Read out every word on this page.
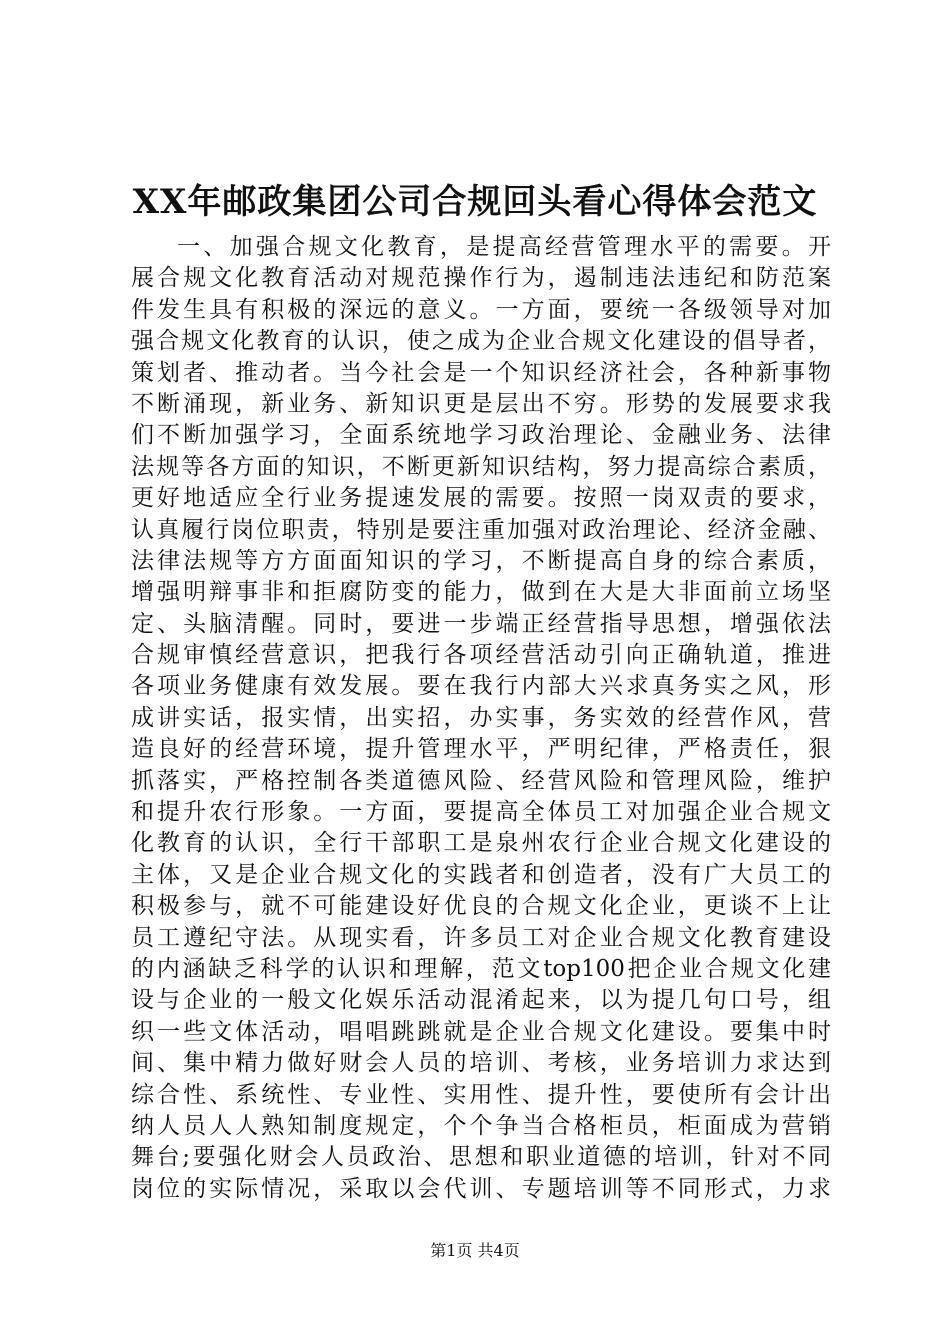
XX年邮政集团公司合规回头看心得体会范文
一、加强合规文化教育，是提高经营管理水平的需要。开
展合规文化教育活动对规范操作行为，遏制违法违纪和防范案
件发生具有积极的深远的意义。一方面，要统一各级领导对加
强合规文化教育的认识，使之成为企业合规文化建设的倡导者，
策划者、推动者。当今社会是一个知识经济社会，各种新事物
不断涌现，新业务、新知识更是层出不穷。形势的发展要求我
们不断加强学习，全面系统地学习政治理论、金融业务、法律
法规等各方面的知识，不断更新知识结构，努力提高综合素质，
更好地适应全行业务提速发展的需要。按照一岗双责的要求，
认真履行岗位职责，特别是要注重加强对政治理论、经济金融、
法律法规等方方面面知识的学习，不断提高自身的综合素质，
增强明辩事非和拒腐防变的能力，做到在大是大非面前立场坚
定、头脑清醒。同时，要进一步端正经营指导思想，增强依法
合规审慎经营意识，把我行各项经营活动引向正确轨道，推进
各项业务健康有效发展。要在我行内部大兴求真务实之风，形
成讲实话，报实情，出实招，办实事，务实效的经营作风，营
造良好的经营环境，提升管理水平，严明纪律，严格责任，狠
抓落实，严格控制各类道德风险、经营风险和管理风险，维护
和提升农行形象。一方面，要提高全体员工对加强企业合规文
化教育的认识，全行干部职工是泉州农行企业合规文化建设的
主体，又是企业合规文化的实践者和创造者，没有广大员工的
积极参与，就不可能建设好优良的合规文化企业，更谈不上让
员工遵纪守法。从现实看，许多员工对企业合规文化教育建设
的内涵缺乏科学的认识和理解，范文top100把企业合规文化建
设与企业的一般文化娱乐活动混淆起来，以为提几句口号，组
织一些文体活动，唱唱跳跳就是企业合规文化建设。要集中时
间、集中精力做好财会人员的培训、考核，业务培训力求达到
综合性、系统性、专业性、实用性、提升性，要使所有会计出
纳人员人人熟知制度规定，个个争当合格柜员，柜面成为营销
舞台;要强化财会人员政治、思想和职业道德的培训，针对不同
岗位的实际情况，采取以会代训、专题培训等不同形式，力求
第1页 共4页
